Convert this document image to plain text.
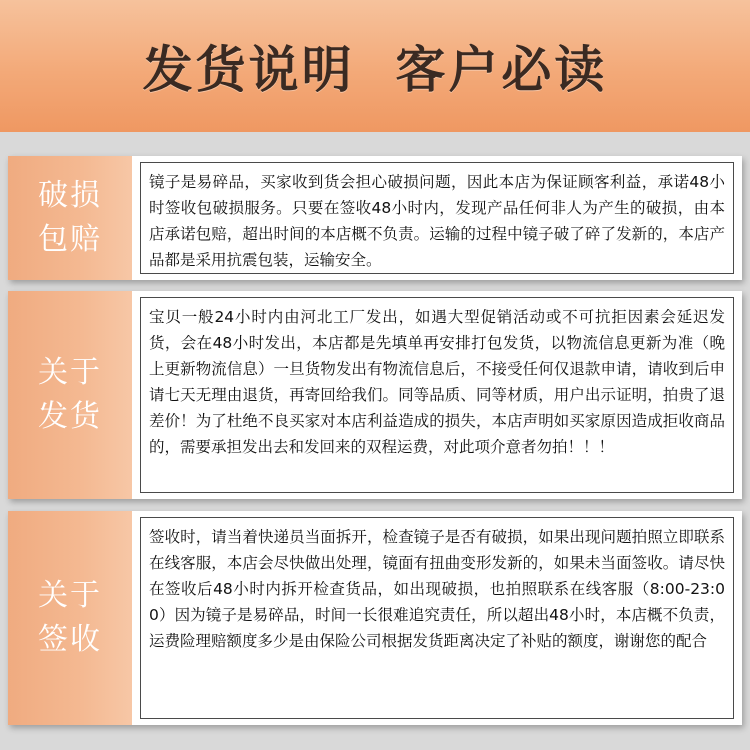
发货说明  客户必读
破损
包赔

镜子是易碎品，买家收到货会担心破损问题，因此本店为保证顾客利益，承诺48小时签收包破损服务。只要在签收48小时内，发现产品任何非人为产生的破损，由本店承诺包赔，超出时间的本店概不负责。运输的过程中镜子破了碎了发新的，本店产品都是采用抗震包装，运输安全。

关于
发货

宝贝一般24小时内由河北工厂发出，如遇大型促销活动或不可抗拒因素会延迟发货，会在48小时发出，本店都是先填单再安排打包发货，以物流信息更新为准（晚上更新物流信息）一旦货物发出有物流信息后，不接受任何仅退款申请，请收到后申请七天无理由退货，再寄回给我们。同等品质、同等材质，用户出示证明，拍贵了退差价！为了杜绝不良买家对本店利益造成的损失，本店声明如买家原因造成拒收商品的，需要承担发出去和发回来的双程运费，对此项介意者勿拍！！！

关于
签收

签收时，请当着快递员当面拆开，检查镜子是否有破损，如果出现问题拍照立即联系在线客服，本店会尽快做出处理，镜面有扭曲变形发新的，如果未当面签收。请尽快在签收后48小时内拆开检查货品，如出现破损，也拍照联系在线客服（8:00-23:00）因为镜子是易碎品，时间一长很难追究责任，所以超出48小时，本店概不负责，运费险理赔额度多少是由保险公司根据发货距离决定了补贴的额度，谢谢您的配合
